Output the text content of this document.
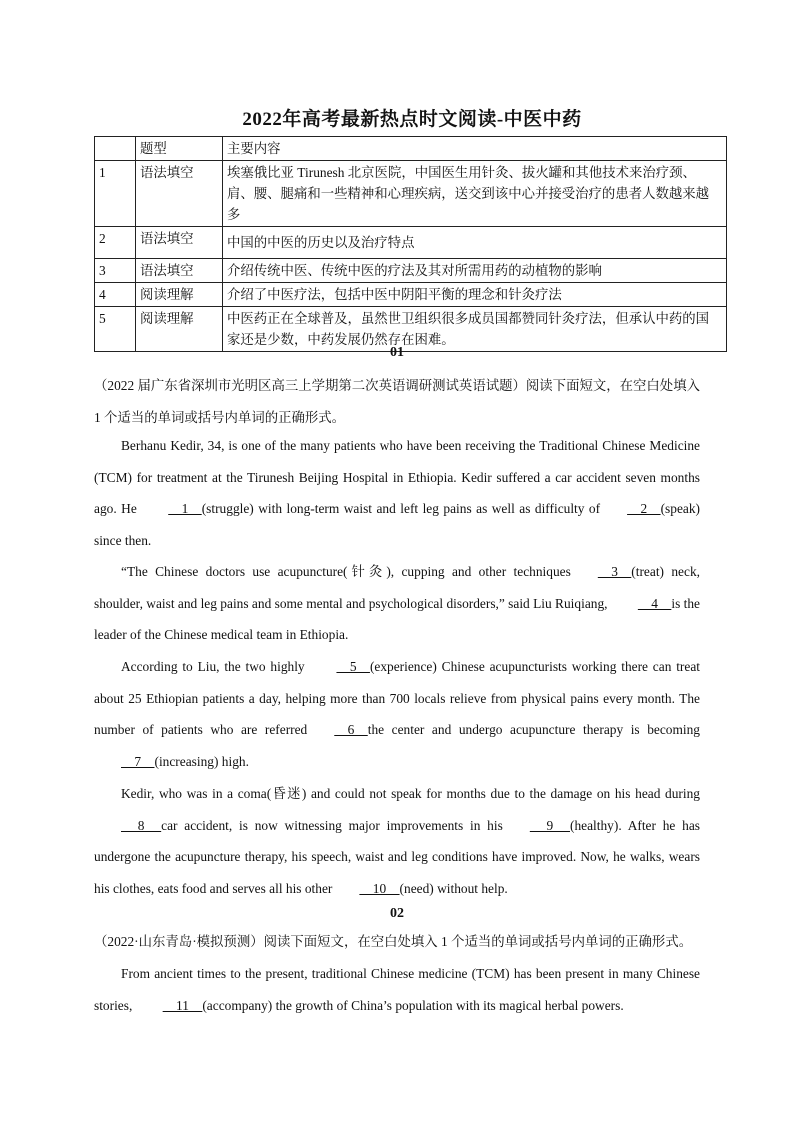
2022年高考最新热点时文阅读-中医中药
	题型	主要内容
1	语法填空	埃塞俄比亚 Tirunesh 北京医院，中国医生用针灸、拔火罐和其他技术来治疗颈、肩、腰、腿痛和一些精神和心理疾病，送交到该中心并接受治疗的患者人数越来越多
2	语法填空	中国的中医的历史以及治疗特点
3	语法填空	介绍传统中医、传统中医的疗法及其对所需用药的动植物的影响
4	阅读理解	介绍了中医疗法，包括中医中阴阳平衡的理念和针灸疗法
5	阅读理解	中医药正在全球普及，虽然世卫组织很多成员国都赞同针灸疗法，但承认中药的国家还是少数，中药发展仍然存在困难。
01
（2022 届广东省深圳市光明区高三上学期第二次英语调研测试英语试题）阅读下面短文，在空白处填入 1 个适当的单词或括号内单词的正确形式。
Berhanu Kedir, 34, is one of the many patients who have been receiving the Traditional Chinese Medicine (TCM) for treatment at the Tirunesh Beijing Hospital in Ethiopia. Kedir suffered a car accident seven months ago. He     1    (struggle) with long-term waist and left leg pains as well as difficulty of    2    (speak) since then.
“The Chinese doctors use acupuncture(针灸), cupping and other techniques    3    (treat) neck, shoulder, waist and leg pains and some mental and psychological disorders,” said Liu Ruiqiang,     4    is the leader of the Chinese medical team in Ethiopia.
According to Liu, the two highly     5    (experience) Chinese acupuncturists working there can treat about 25 Ethiopian patients a day, helping more than 700 locals relieve from physical pains every month. The number of patients who are referred    6    the center and undergo acupuncture therapy is becoming    7    (increasing) high.
Kedir, who was in a coma(昏迷) and could not speak for months due to the damage on his head during     8     car accident, is now witnessing major improvements in his     9     (healthy). After he has undergone the acupuncture therapy, his speech, waist and leg conditions have improved. Now, he walks, wears his clothes, eats food and serves all his other    10    (need) without help.
02
（2022·山东青岛·模拟预测）阅读下面短文，在空白处填入 1 个适当的单词或括号内单词的正确形式。
From ancient times to the present, traditional Chinese medicine (TCM) has been present in many Chinese stories,     11    (accompany) the growth of China’s population with its magical herbal powers.
